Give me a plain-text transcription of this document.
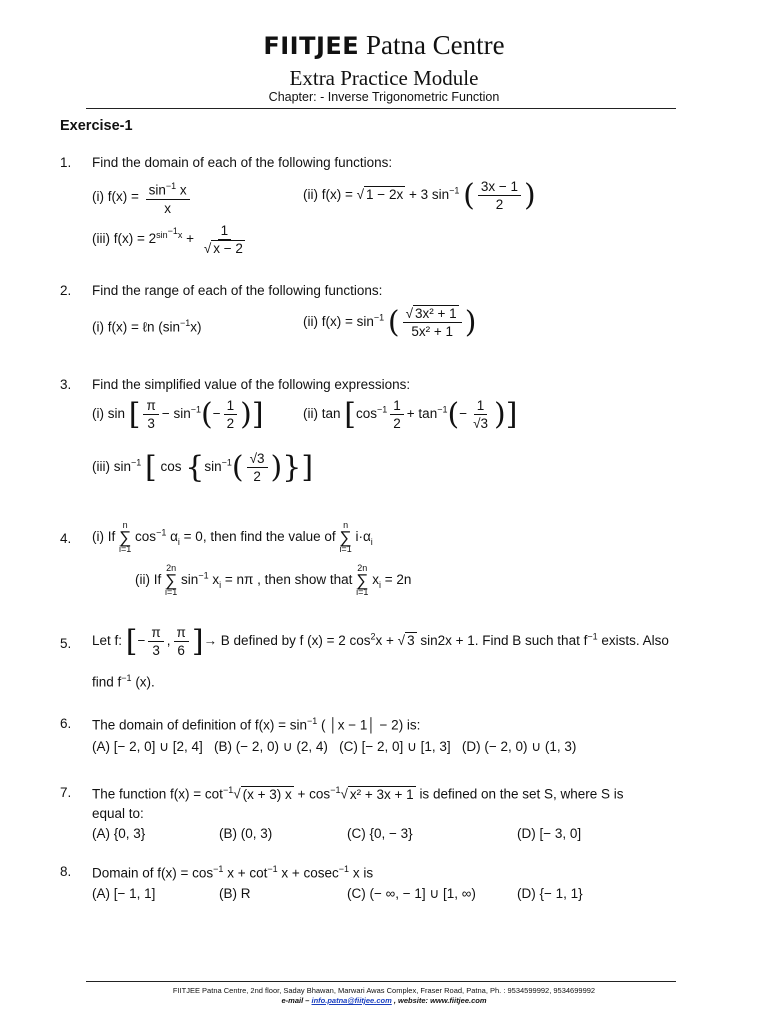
FIITJEE Patna Centre
Extra Practice Module
Chapter: - Inverse Trigonometric Function
Exercise-1
1. Find the domain of each of the following functions:
(i) $f(x) = \frac{\sin^{-1} x}{x}$	(ii) f(x) = √ 1 − 2x + 3 $\sin^{-1}$ ( $\frac{3x - 1}{2}$ )
(iii) $f(x) = 2^{sin^{-1}x} + \frac{1}{√ x - 2}$
2. Find the range of each of the following functions:
(i) f(x) = ℓn $(\sin^{-1}x)$	(ii) $f(x) = \sin^{-1}$ ( $\frac{\text{√ 3x² + 1}}{\text{5x² + 1}}$ )
3. Find the simplified value of the following expressions:
(i) sin [ $\frac{\pi}{3} - \sin^{-1}(- \frac{1}{2}$ )]	(ii) $\tan [\cos^{-1} \frac{1}{2} + \tan^{-1}(- \frac{1}{√3}$ )]
(iii) $\sin^{-1}$ [ $\cos \{\sin^{-1}( \frac{√3}{2}$ )}]
4. (i) If
n
∑
i=1
$\cos^{-1} \alpha_i = 0$, then find the value of
n
∑
i=1
$i\cdot\alpha_i$
(ii) If
2n
∑
i=1
$\sin^{-1} x_i = n\pi$ , then show that
2n
∑
i=1
$x_i = 2n$
5. Let f: [− $\frac{\pi}{3}$ , $\frac{\pi}{6}$ ]→ B defined by f (x) = 2 $\cos^2x$ + √ 3 sin2x + 1. Find B such that $f^{-1}$ exists. Also
find $f^{-1}$ (x).
6. The domain of definition of $f(x) = \sin^{-1}$ ( │x − 1│ − 2) is:
(A) [− 2, 0] ∪ [2, 4]   (B) (− 2, 0) ∪ (2, 4)   (C) [− 2, 0] ∪ [1, 3]   (D) (− 2, 0) ∪ (1, 3)
7. The function $f(x) = \cot^{-1}√$ (x + 3) $x + \cos^{-1}√$ x² + 3x + 1 is defined on the set S, where S is
equal to:
(A) {0, 3}	(B) (0, 3)	(C) {0, − 3}	(D) [− 3, 0]
8. Domain of $f(x) = \cos^{-1} x + \cot^{-1} x + cosec^{-1}$ x is
(A) [− 1, 1]	(B) R	(C) (− ∞, − 1] ∪ [1, ∞)	(D) {− 1, 1}
FIITJEE Patna Centre, 2nd floor, Saday Bhawan, Marwari Awas Complex, Fraser Road, Patna, Ph. : 9534599992, 9534699992
e-mail – info.patna@fiitjee.com , website: www.fiitjee.com
